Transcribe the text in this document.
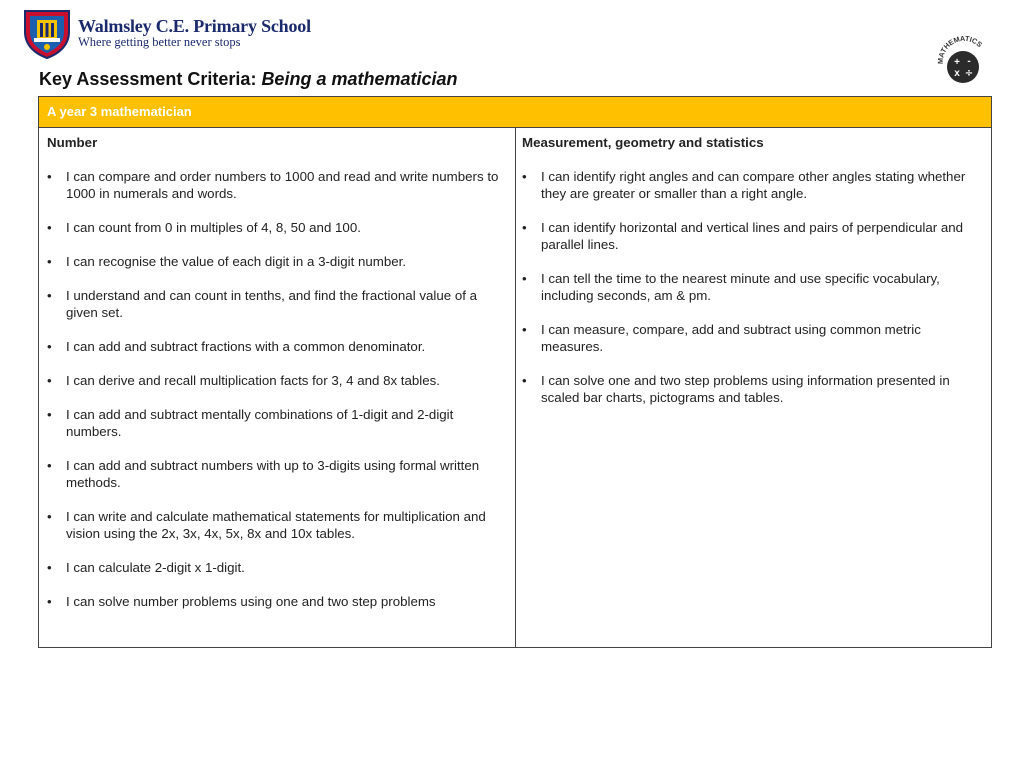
Walmsley C.E. Primary School
Where getting better never stops
MATHEMATICS
+ -
x ÷
Key Assessment Criteria: Being a mathematician
A year 3 mathematician
Number
• I can compare and order numbers to 1000 and read and write numbers to 1000 in numerals and words.
• I can count from 0 in multiples of 4, 8, 50 and 100.
• I can recognise the value of each digit in a 3-digit number.
• I understand and can count in tenths, and find the fractional value of a given set.
• I can add and subtract fractions with a common denominator.
• I can derive and recall multiplication facts for 3, 4 and 8x tables.
• I can add and subtract mentally combinations of 1-digit and 2-digit numbers.
• I can add and subtract numbers with up to 3-digits using formal written methods.
• I can write and calculate mathematical statements for multiplication and vision using the 2x, 3x, 4x, 5x, 8x and 10x tables.
• I can calculate 2-digit x 1-digit.
• I can solve number problems using one and two step problems
Measurement, geometry and statistics
• I can identify right angles and can compare other angles stating whether they are greater or smaller than a right angle.
• I can identify horizontal and vertical lines and pairs of perpendicular and parallel lines.
• I can tell the time to the nearest minute and use specific vocabulary, including seconds, am & pm.
• I can measure, compare, add and subtract using common metric measures.
• I can solve one and two step problems using information presented in scaled bar charts, pictograms and tables.
